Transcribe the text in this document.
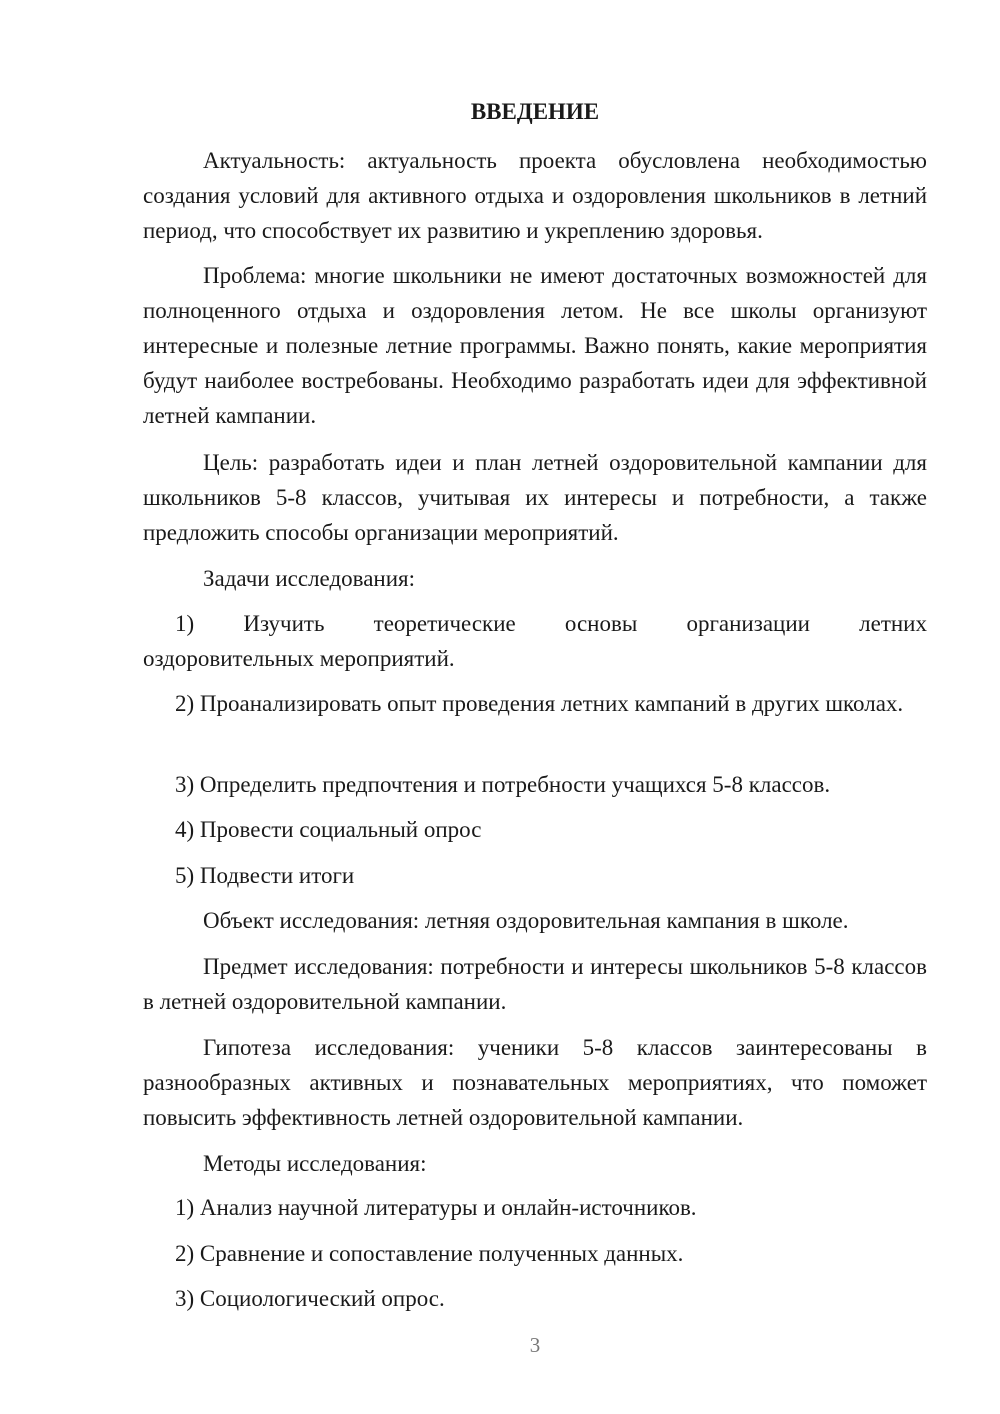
ВВЕДЕНИЕ

Актуальность: актуальность проекта обусловлена необходимостью создания условий для активного отдыха и оздоровления школьников в летний период, что способствует их развитию и укреплению здоровья.

Проблема: многие школьники не имеют достаточных возможностей для полноценного отдыха и оздоровления летом. Не все школы организуют интересные и полезные летние программы. Важно понять, какие мероприятия будут наиболее востребованы. Необходимо разработать идеи для эффективной летней кампании.

Цель: разработать идеи и план летней оздоровительной кампании для школьников 5-8 классов, учитывая их интересы и потребности, а также предложить способы организации мероприятий.

Задачи исследования:

1) Изучить теоретические основы организации летних
оздоровительных мероприятий.

2) Проанализировать опыт проведения летних кампаний в других школах.

3) Определить предпочтения и потребности учащихся 5-8 классов.

4) Провести социальный опрос

5) Подвести итоги

Объект исследования: летняя оздоровительная кампания в школе.

Предмет исследования: потребности и интересы школьников 5-8 классов в летней оздоровительной кампании.

Гипотеза исследования: ученики 5-8 классов заинтересованы в разнообразных активных и познавательных мероприятиях, что поможет повысить эффективность летней оздоровительной кампании.

Методы исследования:

1) Анализ научной литературы и онлайн-источников.

2) Сравнение и сопоставление полученных данных.

3) Социологический опрос.

3
